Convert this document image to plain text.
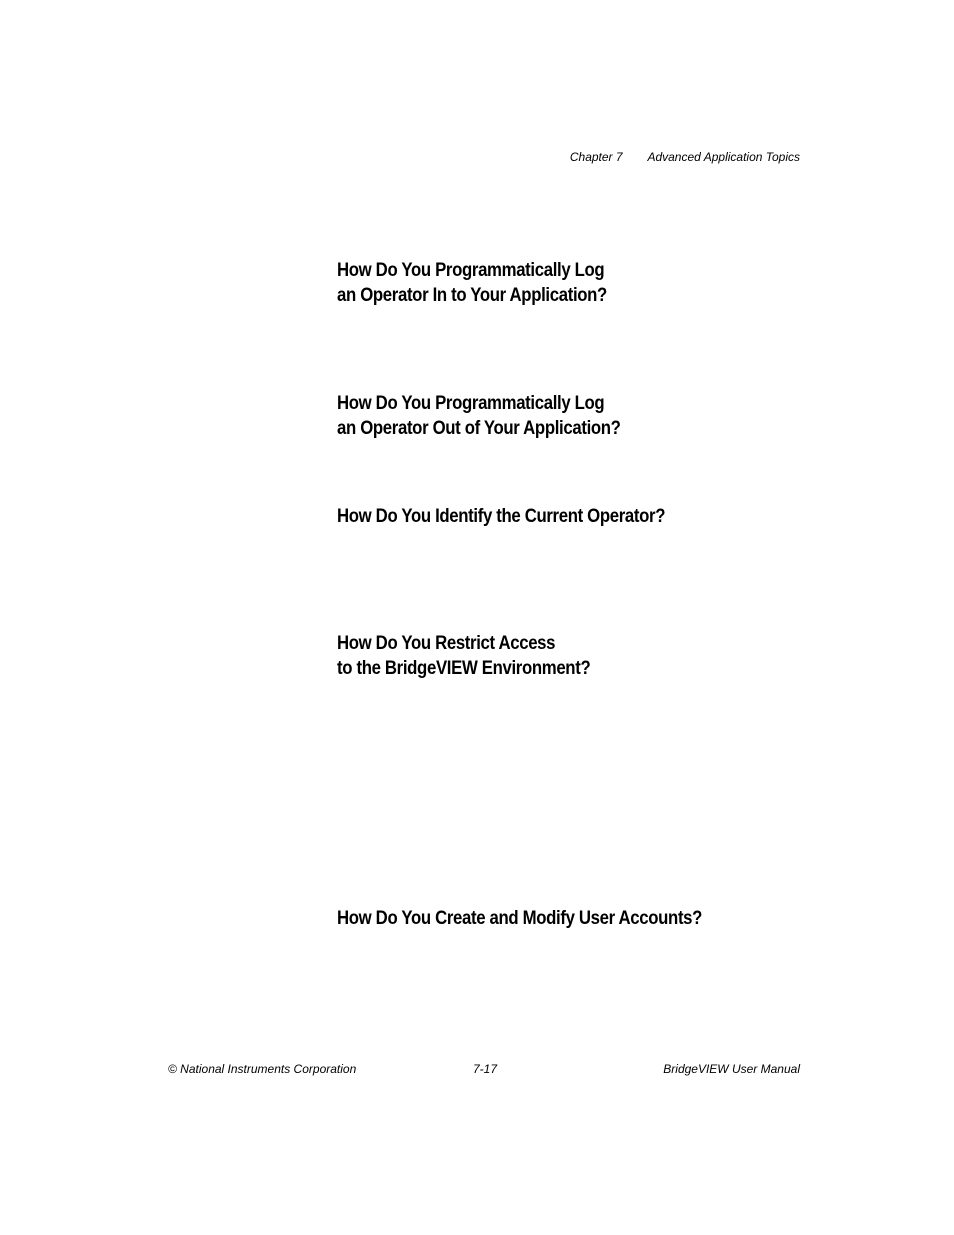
Chapter 7 Advanced Application Topics
How Do You Programmatically Log
an Operator In to Your Application?
How Do You Programmatically Log
an Operator Out of Your Application?
How Do You Identify the Current Operator?
How Do You Restrict Access
to the BridgeVIEW Environment?
How Do You Create and Modify User Accounts?
© National Instruments Corporation	7-17	BridgeVIEW User Manual
